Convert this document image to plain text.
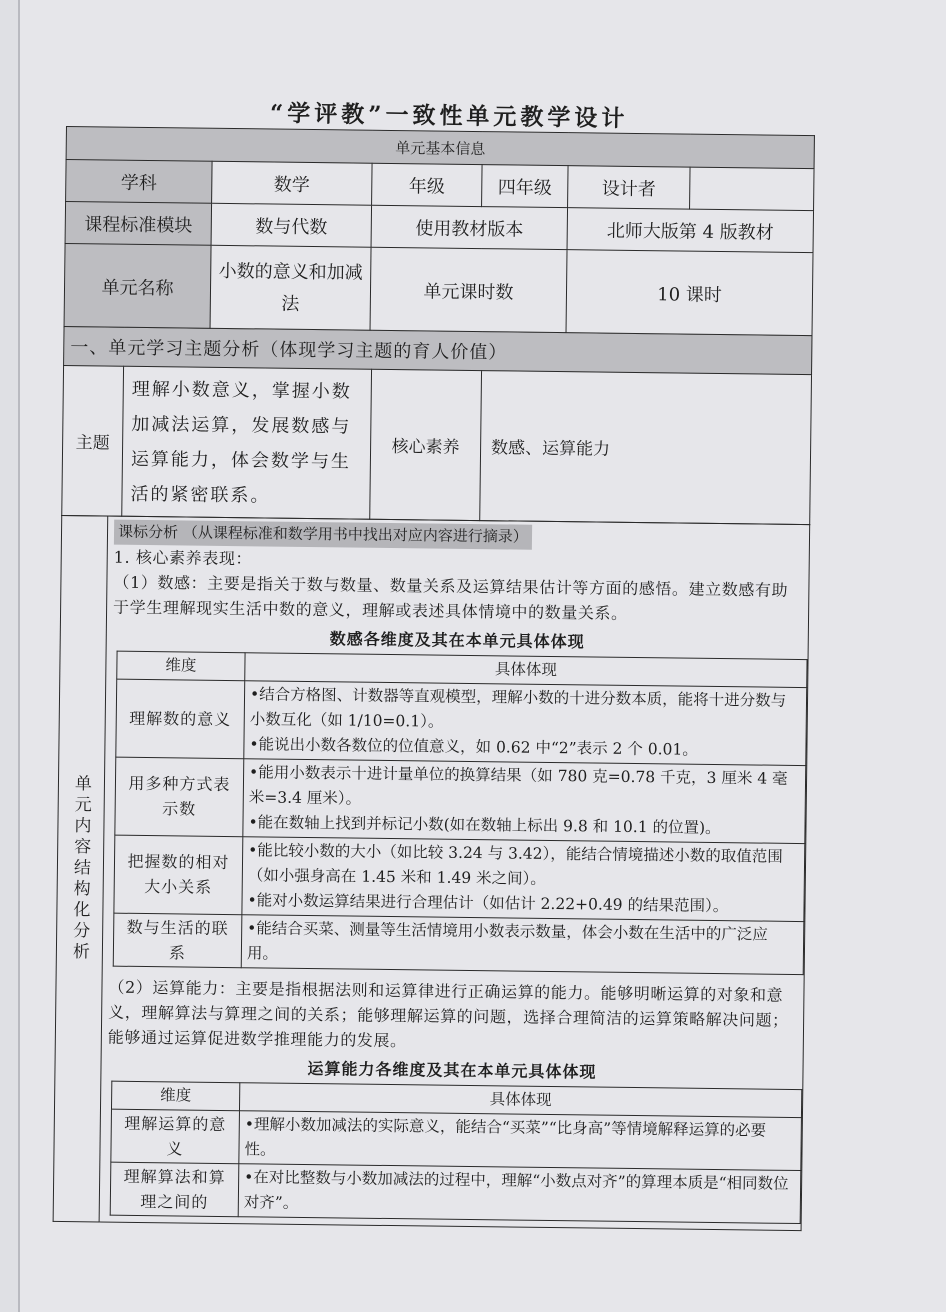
“学评教”一致性单元教学设计
单元基本信息					
学科	数学	年级	四年级	设计者	
课程标准模块	数与代数	使用教材版本		北师大版第 4 版教材	
单元名称	小数的意义和加减法	单元课时数		10 课时	
一、单元学习主题分析（体现学习主题的育人价值）
主题	理解小数意义，掌握小数加减法运算，发展数感与运算能力，体会数学与生活的紧密联系。	核心素养	数感、运算能力
单元内容结构化分析	课标分析 （从课程标准和数学用书中找出对应内容进行摘录）

1. 核心素养表现：

（1）数感：主要是指关于数与数量、数量关系及运算结果估计等方面的感悟。建立数感有助于学生理解现实生活中数的意义，理解或表述具体情境中的数量关系。

数感各维度及其在本单元具体体现
维度	具体体现
理解数的意义	
•结合方格图、计数器等直观模型，理解小数的十进分数本质，能将十进分数与小数互化（如 1/10=0.1）。
•能说出小数各数位的位值意义，如 0.62 中“2”表示 2 个 0.01。

用多种方式表示数	
•能用小数表示十进计量单位的换算结果（如 780 克=0.78 千克，3 厘米 4 毫米=3.4 厘米）。
•能在数轴上找到并标记小数(如在数轴上标出 9.8 和 10.1 的位置)。

把握数的相对大小关系	
•能比较小数的大小（如比较 3.24 与 3.42），能结合情境描述小数的取值范围（如小强身高在 1.45 米和 1.49 米之间）。
•能对小数运算结果进行合理估计（如估计 2.22+0.49 的结果范围）。

数与生活的联系	
•能结合买菜、测量等生活情境用小数表示数量，体会小数在生活中的广泛应用。

（2）运算能力：主要是指根据法则和运算律进行正确运算的能力。能够明晰运算的对象和意义，理解算法与算理之间的关系；能够理解运算的问题，选择合理简洁的运算策略解决问题；能够通过运算促进数学推理能力的发展。

运算能力各维度及其在本单元具体体现
维度	具体体现
理解运算的意义	
•理解小数加减法的实际意义，能结合“买菜”“比身高”等情境解释运算的必要性。

理解算法和算理之间的	
•在对比整数与小数加减法的过程中，理解“小数点对齐”的算理本质是“相同数位对齐”。
